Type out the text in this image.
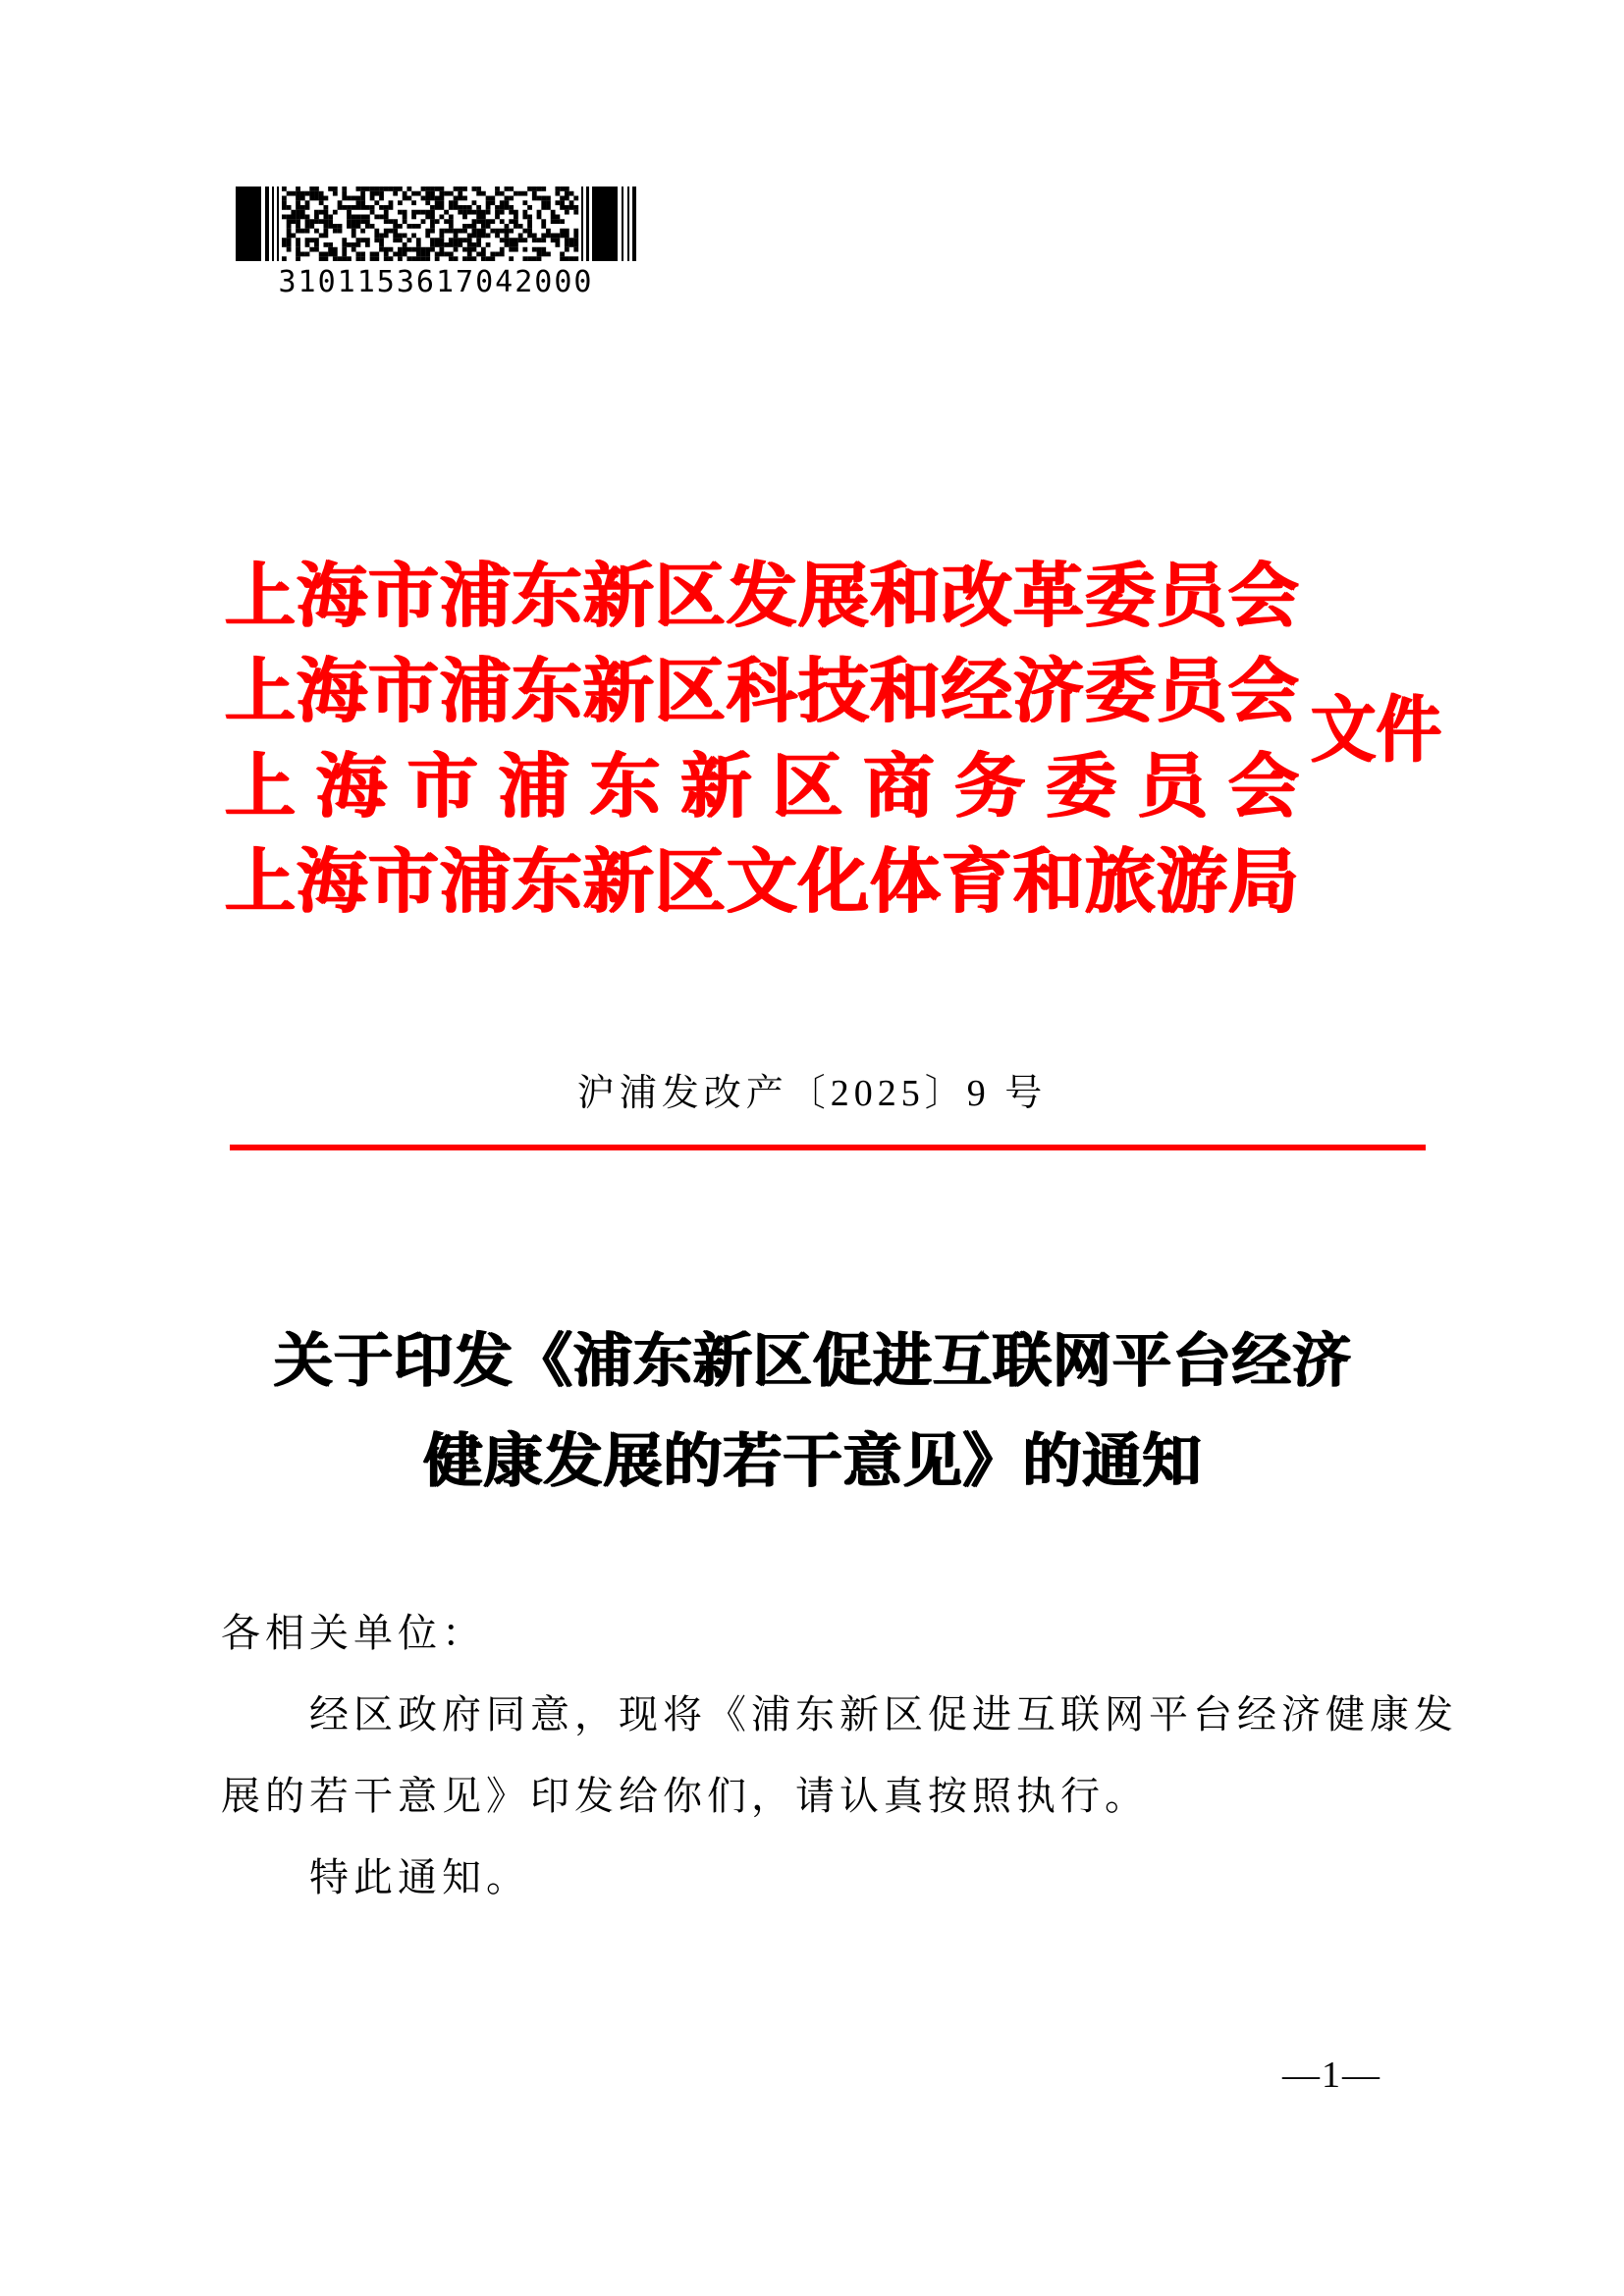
3101153617042000
上 海 市 浦 东 新 区 发 展 和 改 革 委 员 会
上 海 市 浦 东 新 区 科 技 和 经 济 委 员 会
上 海 市 浦 东 新 区 商 务 委 员 会
上 海 市 浦 东 新 区 文 化 体 育 和 旅 游 局
文件
沪浦发改产〔2025〕9 号
关于印发《浦东新区促进互联网平台经济
健康发展的若干意见》的通知
各相关单位：
经区政府同意，现将《浦东新区促进互联网平台经济健康发
展的若干意见》印发给你们，请认真按照执行。
特此通知。
—1—
